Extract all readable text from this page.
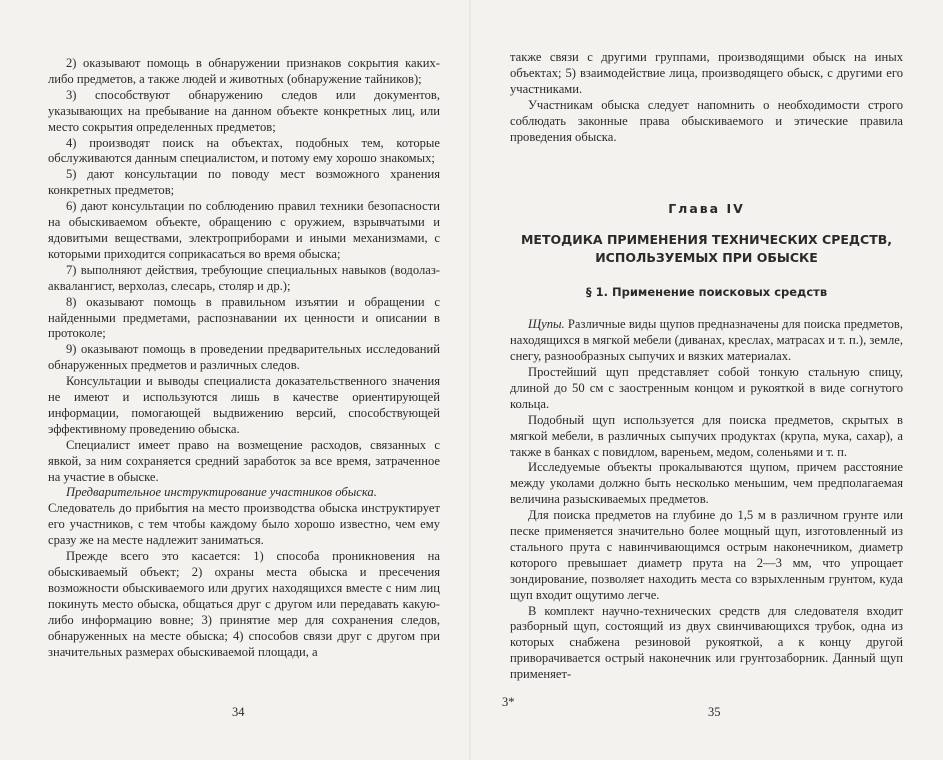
2) оказывают помощь в обнаружении признаков сокрытия каких-либо предметов, а также людей и животных (обнаружение тайников);

3) способствуют обнаружению следов или документов, указывающих на пребывание на данном объекте конкретных лиц, или место сокрытия определенных предметов;

4) производят поиск на объектах, подобных тем, которые обслуживаются данным специалистом, и потому ему хорошо знакомых;

5) дают консультации по поводу мест возможного хранения конкретных предметов;

6) дают консультации по соблюдению правил техники безопасности на обыскиваемом объекте, обращению с оружием, взрывчатыми и ядовитыми веществами, электроприборами и иными механизмами, с которыми приходится соприкасаться во время обыска;

7) выполняют действия, требующие специальных навыков (водолаз-аквалангист, верхолаз, слесарь, столяр и др.);

8) оказывают помощь в правильном изъятии и обращении с найденными предметами, распознавании их ценности и описании в протоколе;

9) оказывают помощь в проведении предварительных исследований обнаруженных предметов и различных следов.

Консультации и выводы специалиста доказательственного значения не имеют и используются лишь в качестве ориентирующей информации, помогающей выдвижению версий, способствующей эффективному проведению обыска.

Специалист имеет право на возмещение расходов, связанных с явкой, за ним сохраняется средний заработок за все время, затраченное на участие в обыске.

Предварительное инструктирование участников обыска.

Следователь до прибытия на место производства обыска инструктирует его участников, с тем чтобы каждому было хорошо известно, чем ему сразу же на месте надлежит заниматься.

Прежде всего это касается: 1) способа проникновения на обыскиваемый объект; 2) охраны места обыска и пресечения возможности обыскиваемого или других находящихся вместе с ним лиц покинуть место обыска, общаться друг с другом или передавать какую-либо информацию вовне; 3) принятие мер для сохранения следов, обнаруженных на месте обыска; 4) способов связи друг с другом при значительных размерах обыскиваемой площади, а

34

также связи с другими группами, производящими обыск на иных объектах; 5) взаимодействие лица, производящего обыск, с другими его участниками.

Участникам обыска следует напомнить о необходимости строго соблюдать законные права обыскиваемого и этические правила проведения обыска.

Глава IV
МЕТОДИКА ПРИМЕНЕНИЯ ТЕХНИЧЕСКИХ СРЕДСТВ, ИСПОЛЬЗУЕМЫХ ПРИ ОБЫСКЕ
§ 1. Применение поисковых средств

Щупы. Различные виды щупов предназначены для поиска предметов, находящихся в мягкой мебели (диванах, креслах, матрасах и т. п.), земле, снегу, разнообразных сыпучих и вязких материалах.

Простейший щуп представляет собой тонкую стальную спицу, длиной до 50 см с заостренным концом и рукояткой в виде согнутого кольца.

Подобный щуп используется для поиска предметов, скрытых в мягкой мебели, в различных сыпучих продуктах (крупа, мука, сахар), а также в банках с повидлом, вареньем, медом, соленьями и т. п.

Исследуемые объекты прокалываются щупом, причем расстояние между уколами должно быть несколько меньшим, чем предполагаемая величина разыскиваемых предметов.

Для поиска предметов на глубине до 1,5 м в различном грунте или песке применяется значительно более мощный щуп, изготовленный из стального прута с навинчивающимся острым наконечником, диаметр которого превышает диаметр прута на 2—3 мм, что упрощает зондирование, позволяет находить места со взрыхленным грунтом, куда щуп входит ощутимо легче.

В комплект научно-технических средств для следователя входит разборный щуп, состоящий из двух свинчивающихся трубок, одна из которых снабжена резиновой рукояткой, а к концу другой приворачивается острый наконечник или грунтозаборник. Данный щуп применяет-

3*
35
